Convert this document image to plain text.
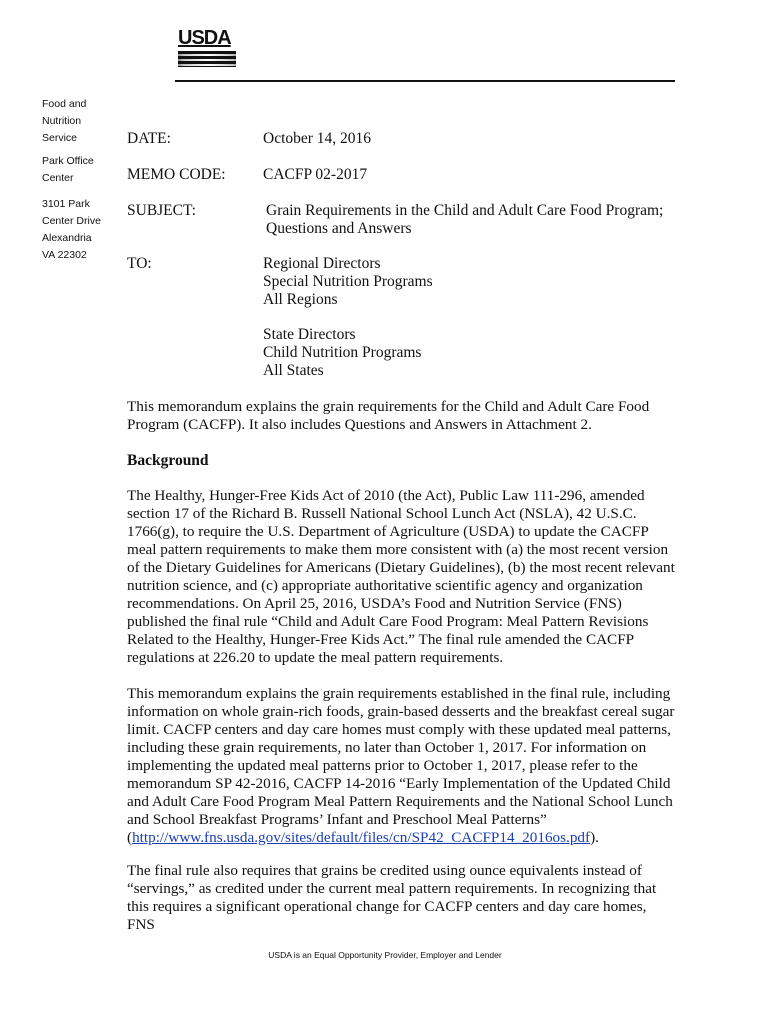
USDA
Food and
Nutrition
Service
Park Office
Center
3101 Park
Center Drive
Alexandria
VA 22302
DATE:	October 14, 2016
MEMO CODE: CACFP 02-2017
SUBJECT:	Grain Requirements in the Child and Adult Care Food Program;
Questions and Answers
TO:	Regional Directors
Special Nutrition Programs
All Regions
State Directors
Child Nutrition Programs
All States
This memorandum explains the grain requirements for the Child and Adult Care Food Program (CACFP). It also includes Questions and Answers in Attachment 2.
Background
The Healthy, Hunger-Free Kids Act of 2010 (the Act), Public Law 111-296, amended section 17 of the Richard B. Russell National School Lunch Act (NSLA), 42 U.S.C. 1766(g), to require the U.S. Department of Agriculture (USDA) to update the CACFP meal pattern requirements to make them more consistent with (a) the most recent version of the Dietary Guidelines for Americans (Dietary Guidelines), (b) the most recent relevant nutrition science, and (c) appropriate authoritative scientific agency and organization recommendations. On April 25, 2016, USDA’s Food and Nutrition Service (FNS) published the final rule “Child and Adult Care Food Program: Meal Pattern Revisions Related to the Healthy, Hunger-Free Kids Act.” The final rule amended the CACFP regulations at 226.20 to update the meal pattern requirements.
This memorandum explains the grain requirements established in the final rule, including information on whole grain-rich foods, grain-based desserts and the breakfast cereal sugar limit. CACFP centers and day care homes must comply with these updated meal patterns, including these grain requirements, no later than October 1, 2017. For information on implementing the updated meal patterns prior to October 1, 2017, please refer to the memorandum SP 42-2016, CACFP 14-2016 “Early Implementation of the Updated Child and Adult Care Food Program Meal Pattern Requirements and the National School Lunch and School Breakfast Programs’ Infant and Preschool Meal Patterns” (http://www.fns.usda.gov/sites/default/files/cn/SP42_CACFP14_2016os.pdf).
The final rule also requires that grains be credited using ounce equivalents instead of “servings,” as credited under the current meal pattern requirements. In recognizing that this requires a significant operational change for CACFP centers and day care homes, FNS
USDA is an Equal Opportunity Provider, Employer and Lender
